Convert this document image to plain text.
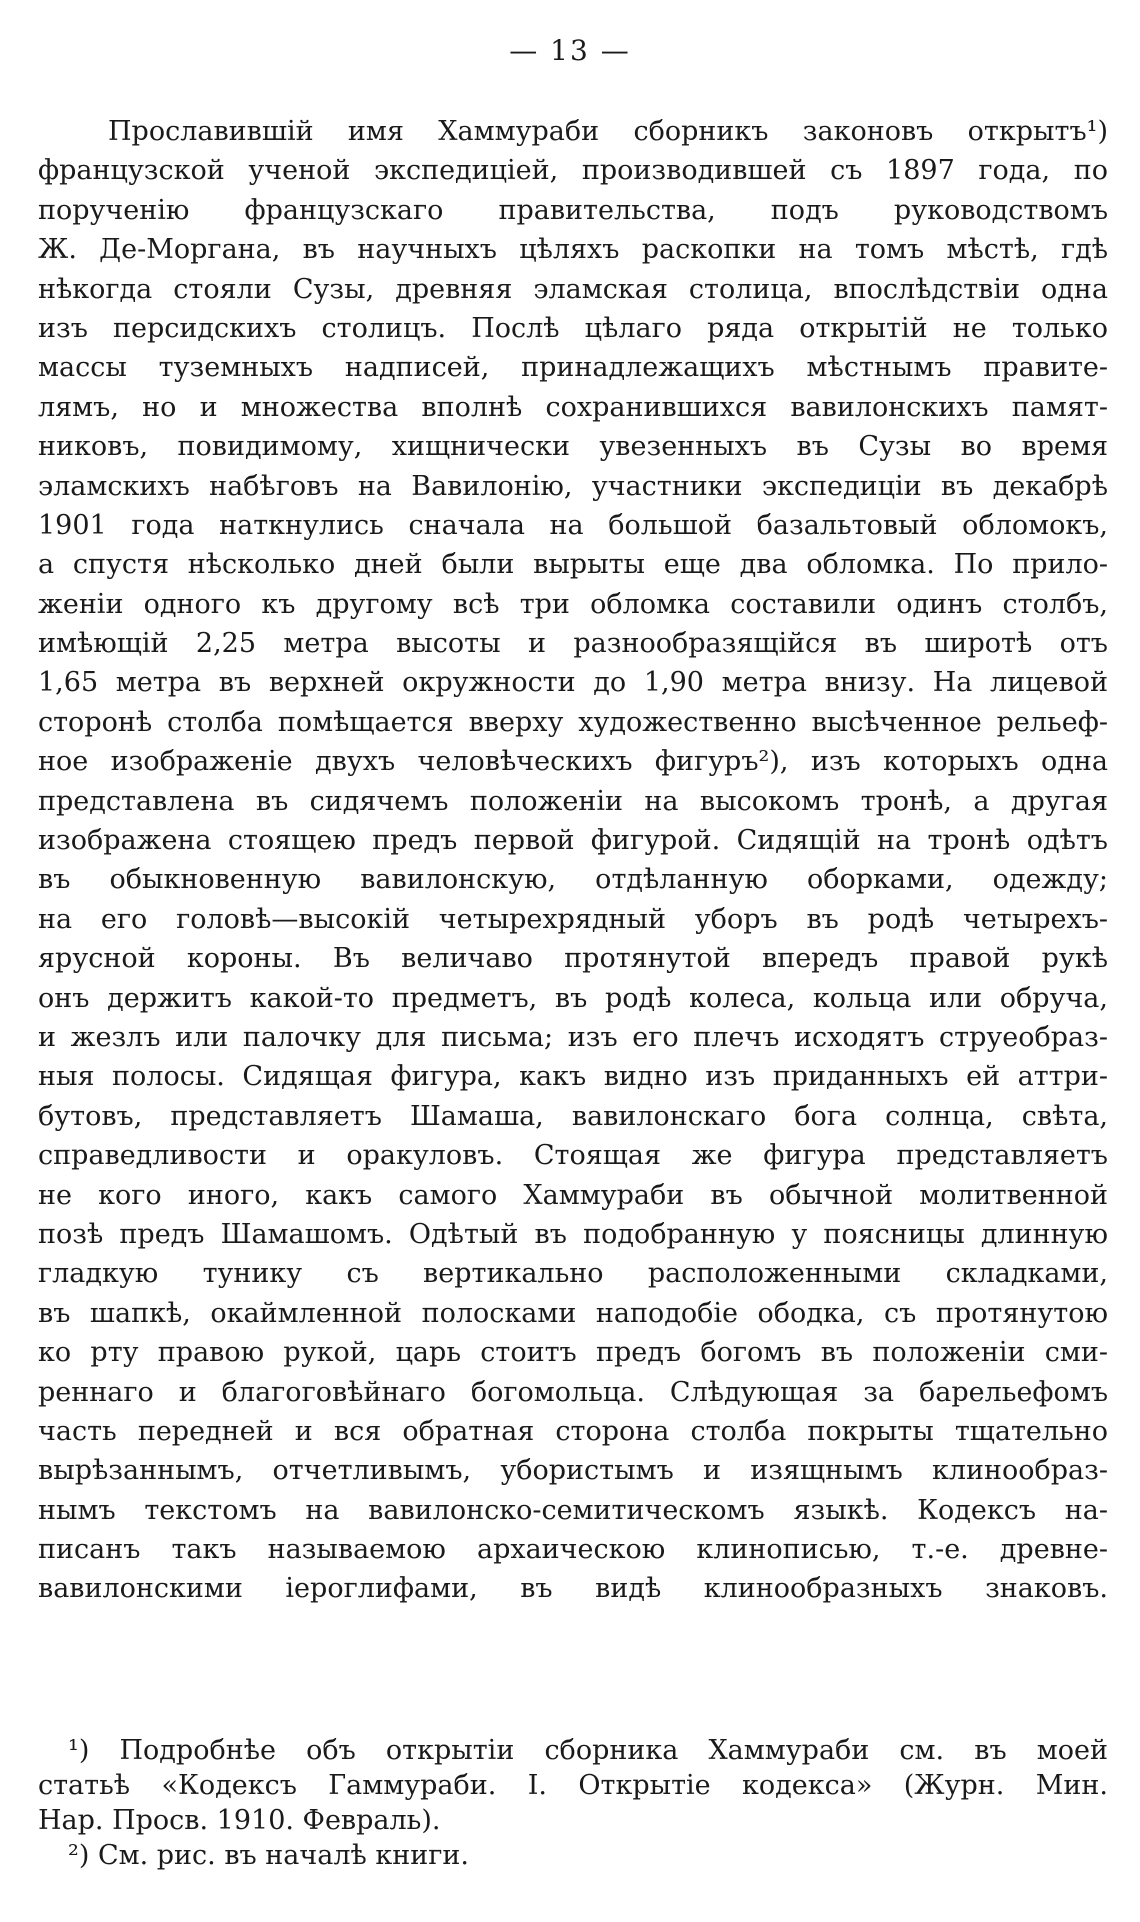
— 13 —
Прославившій имя Хаммураби сборникъ законовъ открытъ¹)
французской ученой экспедиціей, производившей съ 1897 года, по
порученію французскаго правительства, подъ руководствомъ
Ж. Де-Моргана, въ научныхъ цѣляхъ раскопки на томъ мѣстѣ, гдѣ
нѣкогда стояли Сузы, древняя эламская столица, впослѣдствіи одна
изъ персидскихъ столицъ. Послѣ цѣлаго ряда открытій не только
массы туземныхъ надписей, принадлежащихъ мѣстнымъ правите-
лямъ, но и множества вполнѣ сохранившихся вавилонскихъ памят-
никовъ, повидимому, хищнически увезенныхъ въ Сузы во время
эламскихъ набѣговъ на Вавилонію, участники экспедиціи въ декабрѣ
1901 года наткнулись сначала на большой базальтовый обломокъ,
а спустя нѣсколько дней были вырыты еще два обломка. По прило-
женіи одного къ другому всѣ три обломка составили одинъ столбъ,
имѣющій 2,25 метра высоты и разнообразящійся въ широтѣ отъ
1,65 метра въ верхней окружности до 1,90 метра внизу. На лицевой
сторонѣ столба помѣщается вверху художественно высѣченное рельеф-
ное изображеніе двухъ человѣческихъ фигуръ²), изъ которыхъ одна
представлена въ сидячемъ положеніи на высокомъ тронѣ, а другая
изображена стоящею предъ первой фигурой. Сидящій на тронѣ одѣтъ
въ обыкновенную вавилонскую, отдѣланную оборками, одежду;
на его головѣ—высокій четырехрядный уборъ въ родѣ четырехъ-
ярусной короны. Въ величаво протянутой впередъ правой рукѣ
онъ держитъ какой-то предметъ, въ родѣ колеса, кольца или обруча,
и жезлъ или палочку для письма; изъ его плечъ исходятъ струеобраз-
ныя полосы. Сидящая фигура, какъ видно изъ приданныхъ ей аттри-
бутовъ, представляетъ Шамаша, вавилонскаго бога солнца, свѣта,
справедливости и оракуловъ. Стоящая же фигура представляетъ
не кого иного, какъ самого Хаммураби въ обычной молитвенной
позѣ предъ Шамашомъ. Одѣтый въ подобранную у поясницы длинную
гладкую тунику съ вертикально расположенными складками,
въ шапкѣ, окаймленной полосками наподобіе ободка, съ протянутою
ко рту правою рукой, царь стоитъ предъ богомъ въ положеніи сми-
реннаго и благоговѣйнаго богомольца. Слѣдующая за барельефомъ
часть передней и вся обратная сторона столба покрыты тщательно
вырѣзаннымъ, отчетливымъ, убористымъ и изящнымъ клинообраз-
нымъ текстомъ на вавилонско-семитическомъ языкѣ. Кодексъ на-
писанъ такъ называемою архаическою клинописью, т.-е. древне-
вавилонскими іероглифами, въ видѣ клинообразныхъ знаковъ.
¹) Подробнѣе объ открытіи сборника Хаммураби см. въ моей
статьѣ «Кодексъ Гаммураби. I. Открытіе кодекса» (Журн. Мин.
Нар. Просв. 1910. Февраль).
²) См. рис. въ началѣ книги.
